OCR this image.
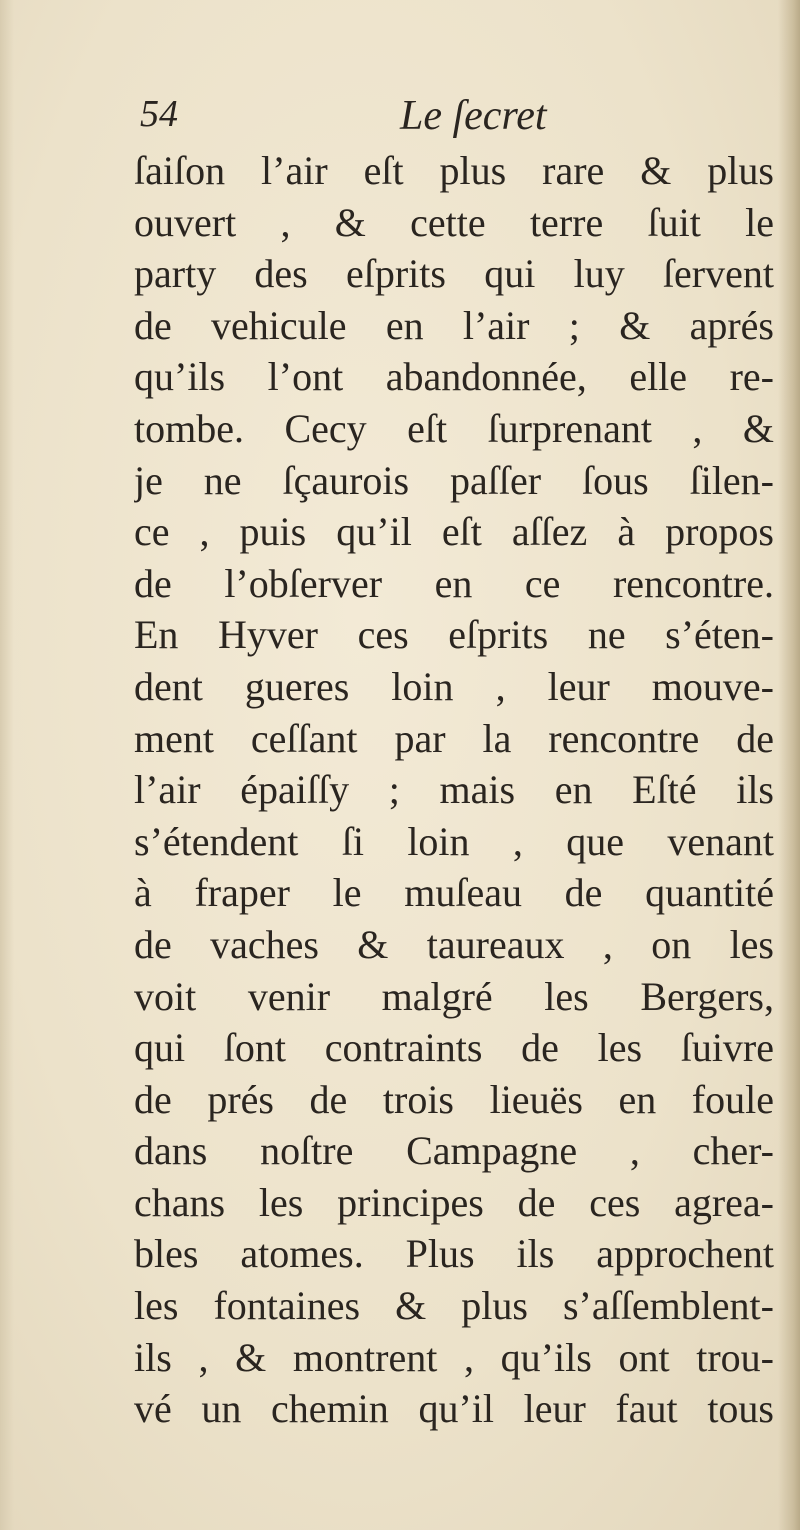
54	Le ſecret
ſaiſon l’air eſt plus rare & plus
ouvert , & cette terre ſuit le
party des eſprits qui luy ſervent
de vehicule en l’air ; & aprés
qu’ils l’ont abandonnée, elle re-
tombe. Cecy eſt ſurprenant , &
je ne ſçaurois paſſer ſous ſilen-
ce , puis qu’il eſt aſſez à propos
de l’obſerver en ce rencontre.
En Hyver ces eſprits ne s’éten-
dent gueres loin , leur mouve-
ment ceſſant par la rencontre de
l’air épaiſſy ; mais en Eſté ils
s’étendent ſi loin , que venant
à fraper le muſeau de quantité
de vaches & taureaux , on les
voit venir malgré les Bergers,
qui ſont contraints de les ſuivre
de prés de trois lieuës en foule
dans noſtre Campagne , cher-
chans les principes de ces agrea-
bles atomes. Plus ils approchent
les fontaines & plus s’aſſemblent-
ils , & montrent , qu’ils ont trou-
vé un chemin qu’il leur faut tous
